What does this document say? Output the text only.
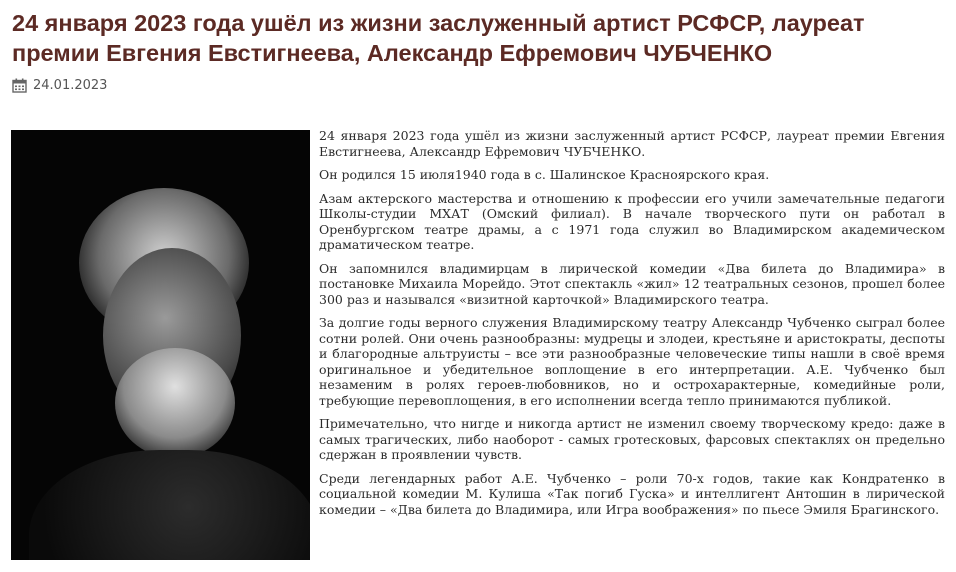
24 января 2023 года ушёл из жизни заслуженный артист РСФСР, лауреат премии Евгения Евстигнеева, Александр Ефремович ЧУБЧЕНКО
24.01.2023

24 января 2023 года ушёл из жизни заслуженный артист РСФСР, лауреат премии Евгения Евстигнеева, Александр Ефремович ЧУБЧЕНКО.

Он родился 15 июля1940 года в с. Шалинское Красноярского края.

Азам актерского мастерства и отношению к профессии его учили замечательные педагоги Школы-студии МХАТ (Омский филиал). В начале творческого пути он работал в Оренбургском театре драмы, а с 1971 года служил во Владимирском академическом драматическом театре.

Он запомнился владимирцам в лирической комедии «Два билета до Владимира» в постановке Михаила Морейдо. Этот спектакль «жил» 12 театральных сезонов, прошел более 300 раз и назывался «визитной карточкой» Владимирского театра.

За долгие годы верного служения Владимирскому театру Александр Чубченко сыграл более сотни ролей. Они очень разнообразны: мудрецы и злодеи, крестьяне и аристократы, деспоты и благородные альтруисты – все эти разнообразные человеческие типы нашли в своё время оригинальное и убедительное воплощение в его интерпретации. А.Е. Чубченко был незаменим в ролях героев-любовников, но и острохарактерные, комедийные роли, требующие перевоплощения, в его исполнении всегда тепло принимаются публикой.

Примечательно, что нигде и никогда артист не изменил своему творческому кредо: даже в самых трагических, либо наоборот - самых гротесковых, фарсовых спектаклях он предельно сдержан в проявлении чувств.

Среди легендарных работ А.Е. Чубченко – роли 70-х годов, такие как Кондратенко в социальной комедии М. Кулиша «Так погиб Гуска» и интеллигент Антошин в лирической комедии – «Два билета до Владимира, или Игра воображения» по пьесе Эмиля Брагинского.
